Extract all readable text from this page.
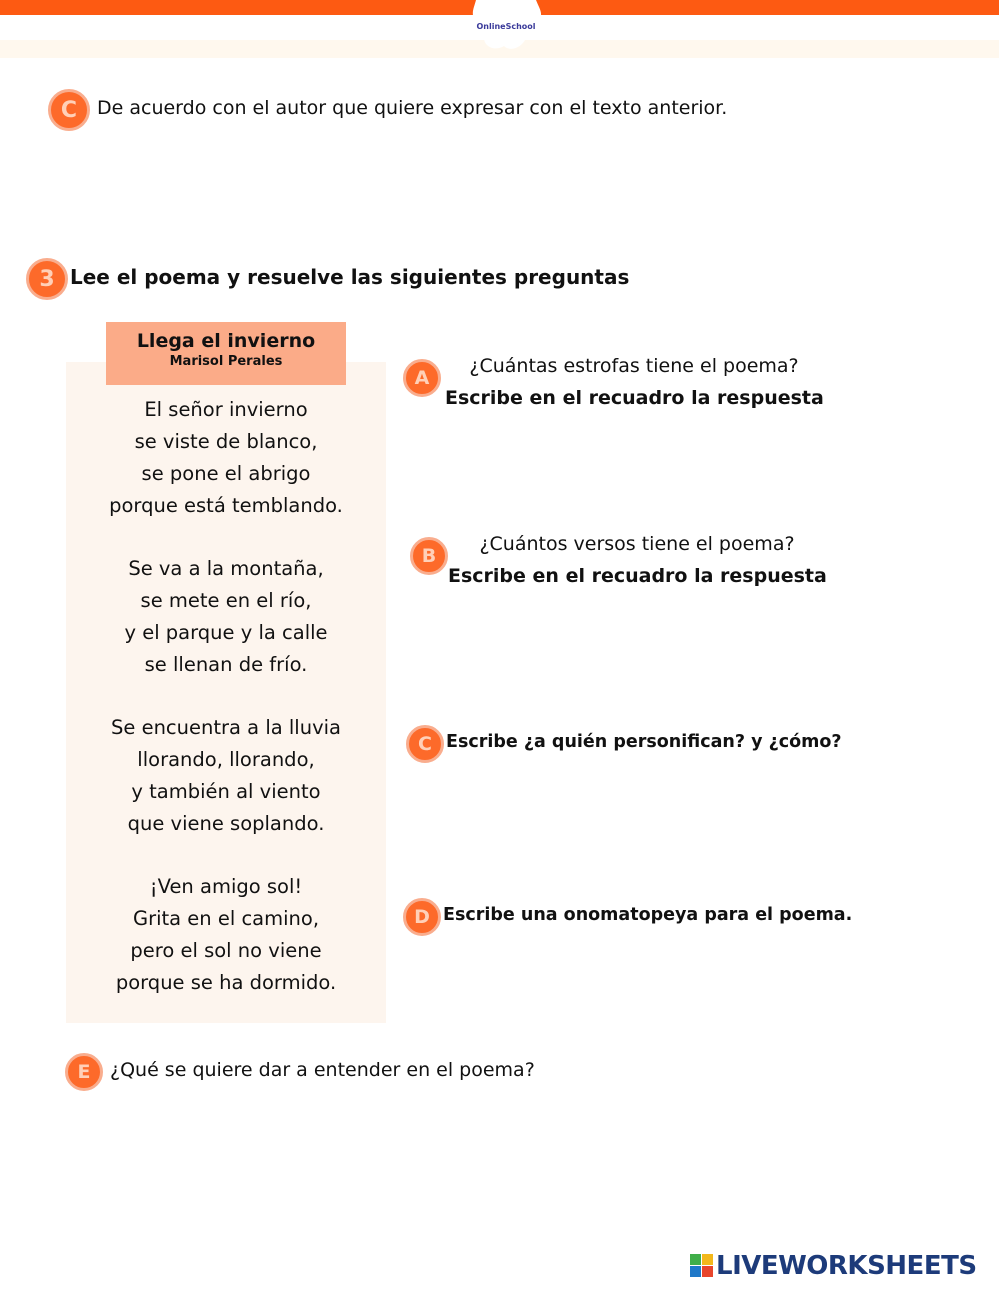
OnlineSchool
C	De acuerdo con el autor que quiere expresar con el texto anterior.
3 Lee el poema y resuelve las siguientes preguntas
Llega el invierno
Marisol Perales
El señor invierno
se viste de blanco,
se pone el abrigo
porque está temblando.
Se va a la montaña,
se mete en el río,
y el parque y la calle
se llenan de frío.
Se encuentra a la lluvia
llorando, llorando,
y también al viento
que viene soplando.
¡Ven amigo sol!
Grita en el camino,
pero el sol no viene
porque se ha dormido.
A
¿Cuántas estrofas tiene el poema?
Escribe en el recuadro la respuesta
B
¿Cuántos versos tiene el poema?
Escribe en el recuadro la respuesta
C Escribe ¿a quién personifican? y ¿cómo?
D Escribe una onomatopeya para el poema.
E	¿Qué se quiere dar a entender en el poema?
LIVEWORKSHEETS
